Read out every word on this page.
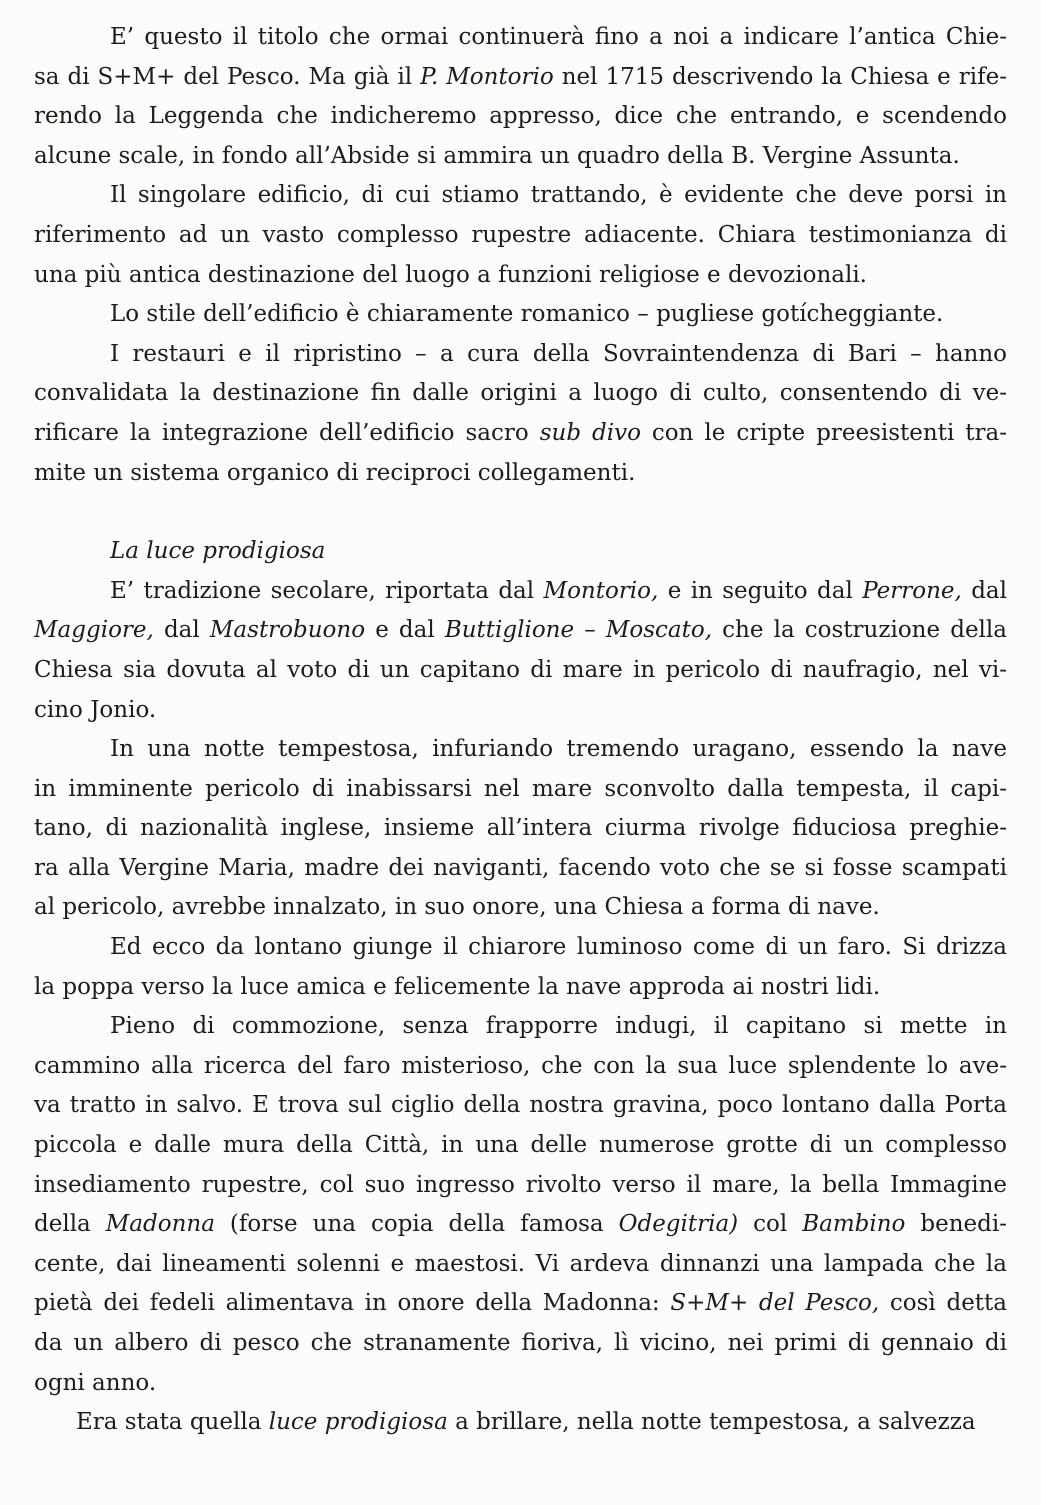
E’ questo il titolo che ormai continuerà fino a noi a indicare l’antica Chie-
sa di S+M+ del Pesco. Ma già il P. Montorio nel 1715 descrivendo la Chiesa e rife-
rendo la Leggenda che indicheremo appresso, dice che entrando, e scendendo
alcune scale, in fondo all’Abside si ammira un quadro della B. Vergine Assunta.
Il singolare edificio, di cui stiamo trattando, è evidente che deve porsi in
riferimento ad un vasto complesso rupestre adiacente. Chiara testimonianza di
una più antica destinazione del luogo a funzioni religiose e devozionali.
Lo stile dell’edificio è chiaramente romanico – pugliese gotícheggiante.
I restauri e il ripristino – a cura della Sovraintendenza di Bari – hanno
convalidata la destinazione fin dalle origini a luogo di culto, consentendo di ve-
rificare la integrazione dell’edificio sacro sub divo con le cripte preesistenti tra-
mite un sistema organico di reciproci collegamenti.
La luce prodigiosa
E’ tradizione secolare, riportata dal Montorio, e in seguito dal Perrone, dal
Maggiore, dal Mastrobuono e dal Buttiglione – Moscato, che la costruzione della
Chiesa sia dovuta al voto di un capitano di mare in pericolo di naufragio, nel vi-
cino Jonio.
In una notte tempestosa, infuriando tremendo uragano, essendo la nave
in imminente pericolo di inabissarsi nel mare sconvolto dalla tempesta, il capi-
tano, di nazionalità inglese, insieme all’intera ciurma rivolge fiduciosa preghie-
ra alla Vergine Maria, madre dei naviganti, facendo voto che se si fosse scampati
al pericolo, avrebbe innalzato, in suo onore, una Chiesa a forma di nave.
Ed ecco da lontano giunge il chiarore luminoso come di un faro. Si drizza
la poppa verso la luce amica e felicemente la nave approda ai nostri lidi.
Pieno di commozione, senza frapporre indugi, il capitano si mette in
cammino alla ricerca del faro misterioso, che con la sua luce splendente lo ave-
va tratto in salvo. E trova sul ciglio della nostra gravina, poco lontano dalla Porta
piccola e dalle mura della Città, in una delle numerose grotte di un complesso
insediamento rupestre, col suo ingresso rivolto verso il mare, la bella Immagine
della Madonna (forse una copia della famosa Odegitria) col Bambino benedi-
cente, dai lineamenti solenni e maestosi. Vi ardeva dinnanzi una lampada che la
pietà dei fedeli alimentava in onore della Madonna: S+M+ del Pesco, così detta
da un albero di pesco che stranamente fioriva, lì vicino, nei primi di gennaio di
ogni anno.
Era stata quella luce prodigiosa a brillare, nella notte tempestosa, a salvezza
